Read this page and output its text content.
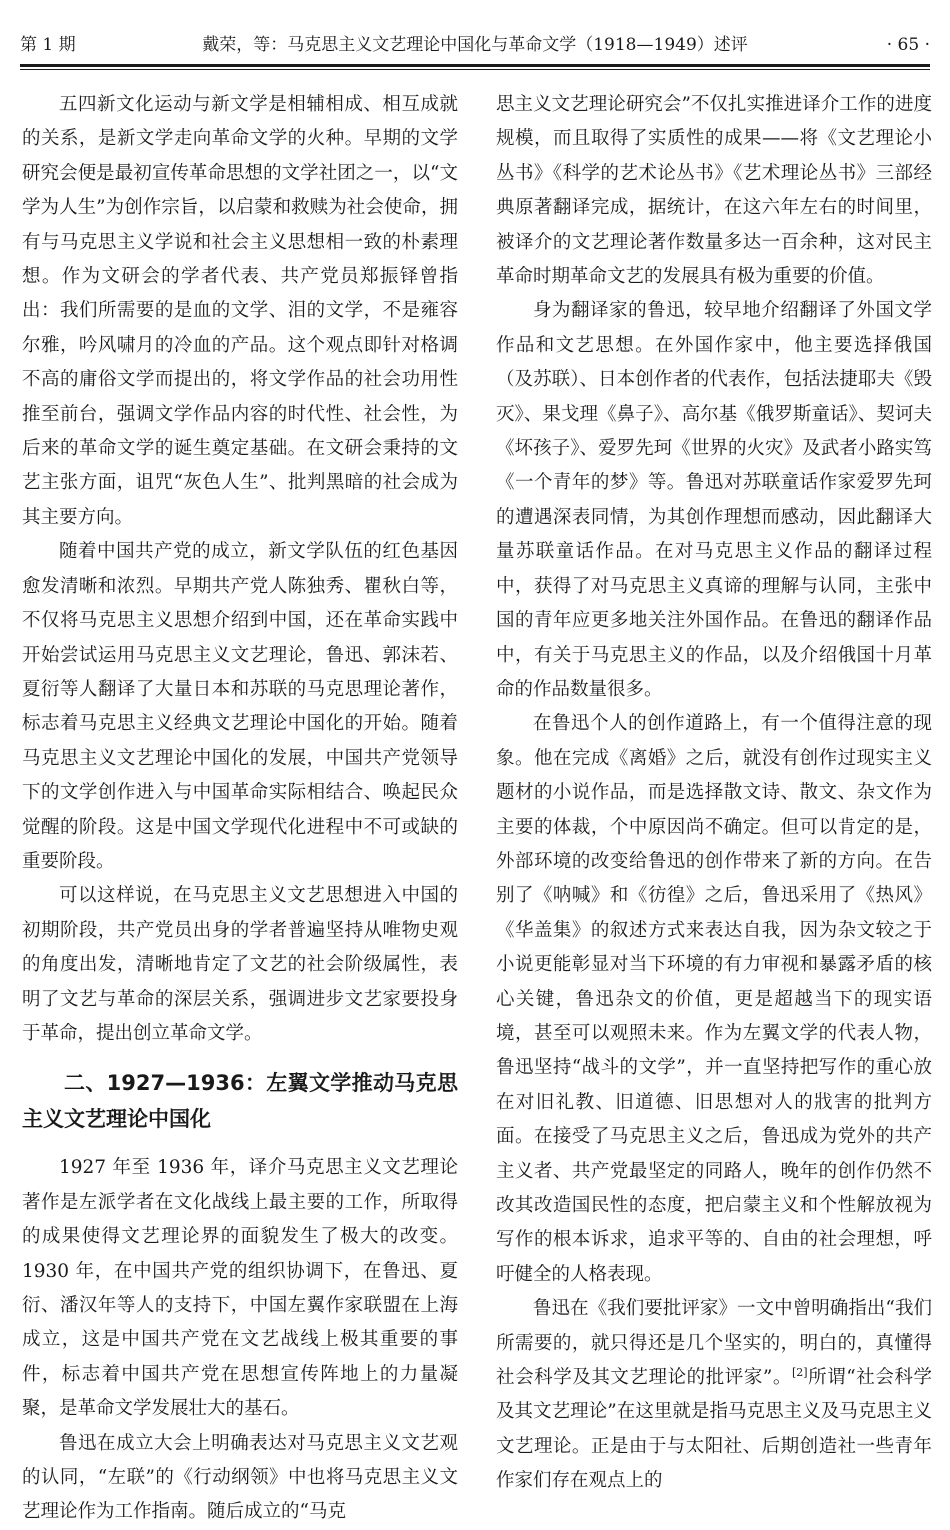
第 1 期	戴荣，等：马克思主义文艺理论中国化与革命文学（1918—1949）述评	· 65 ·

五四新文化运动与新文学是相辅相成、相互成就的关系，是新文学走向革命文学的火种。早期的文学研究会便是最初宣传革命思想的文学社团之一，以“文学为人生”为创作宗旨，以启蒙和救赎为社会使命，拥有与马克思主义学说和社会主义思想相一致的朴素理想。作为文研会的学者代表、共产党员郑振铎曾指出：我们所需要的是血的文学、泪的文学，不是雍容尔雅，吟风啸月的冷血的产品。这个观点即针对格调不高的庸俗文学而提出的，将文学作品的社会功用性推至前台，强调文学作品内容的时代性、社会性，为后来的革命文学的诞生奠定基础。在文研会秉持的文艺主张方面，诅咒“灰色人生”、批判黑暗的社会成为其主要方向。

随着中国共产党的成立，新文学队伍的红色基因愈发清晰和浓烈。早期共产党人陈独秀、瞿秋白等，不仅将马克思主义思想介绍到中国，还在革命实践中开始尝试运用马克思主义文艺理论，鲁迅、郭沫若、夏衍等人翻译了大量日本和苏联的马克思理论著作，标志着马克思主义经典文艺理论中国化的开始。随着马克思主义文艺理论中国化的发展，中国共产党领导下的文学创作进入与中国革命实际相结合、唤起民众觉醒的阶段。这是中国文学现代化进程中不可或缺的重要阶段。

可以这样说，在马克思主义文艺思想进入中国的初期阶段，共产党员出身的学者普遍坚持从唯物史观的角度出发，清晰地肯定了文艺的社会阶级属性，表明了文艺与革命的深层关系，强调进步文艺家要投身于革命，提出创立革命文学。

二、1927—1936：左翼文学推动马克思主义文艺理论中国化

1927 年至 1936 年，译介马克思主义文艺理论著作是左派学者在文化战线上最主要的工作，所取得的成果使得文艺理论界的面貌发生了极大的改变。1930 年，在中国共产党的组织协调下，在鲁迅、夏衍、潘汉年等人的支持下，中国左翼作家联盟在上海成立，这是中国共产党在文艺战线上极其重要的事件，标志着中国共产党在思想宣传阵地上的力量凝聚，是革命文学发展壮大的基石。

鲁迅在成立大会上明确表达对马克思主义文艺观的认同，“左联”的《行动纲领》中也将马克思主义文艺理论作为工作指南。随后成立的“马克

思主义文艺理论研究会”不仅扎实推进译介工作的进度规模，而且取得了实质性的成果——将《文艺理论小丛书》《科学的艺术论丛书》《艺术理论丛书》三部经典原著翻译完成，据统计，在这六年左右的时间里，被译介的文艺理论著作数量多达一百余种，这对民主革命时期革命文艺的发展具有极为重要的价值。

身为翻译家的鲁迅，较早地介绍翻译了外国文学作品和文艺思想。在外国作家中，他主要选择俄国（及苏联）、日本创作者的代表作，包括法捷耶夫《毁灭》、果戈理《鼻子》、高尔基《俄罗斯童话》、契诃夫《坏孩子》、爱罗先珂《世界的火灾》及武者小路实笃《一个青年的梦》等。鲁迅对苏联童话作家爱罗先珂的遭遇深表同情，为其创作理想而感动，因此翻译大量苏联童话作品。在对马克思主义作品的翻译过程中，获得了对马克思主义真谛的理解与认同，主张中国的青年应更多地关注外国作品。在鲁迅的翻译作品中，有关于马克思主义的作品，以及介绍俄国十月革命的作品数量很多。

在鲁迅个人的创作道路上，有一个值得注意的现象。他在完成《离婚》之后，就没有创作过现实主义题材的小说作品，而是选择散文诗、散文、杂文作为主要的体裁，个中原因尚不确定。但可以肯定的是，外部环境的改变给鲁迅的创作带来了新的方向。在告别了《呐喊》和《彷徨》之后，鲁迅采用了《热风》《华盖集》的叙述方式来表达自我，因为杂文较之于小说更能彰显对当下环境的有力审视和暴露矛盾的核心关键，鲁迅杂文的价值，更是超越当下的现实语境，甚至可以观照未来。作为左翼文学的代表人物，鲁迅坚持“战斗的文学”，并一直坚持把写作的重心放在对旧礼教、旧道德、旧思想对人的戕害的批判方面。在接受了马克思主义之后，鲁迅成为党外的共产主义者、共产党最坚定的同路人，晚年的创作仍然不改其改造国民性的态度，把启蒙主义和个性解放视为写作的根本诉求，追求平等的、自由的社会理想，呼吁健全的人格表现。

鲁迅在《我们要批评家》一文中曾明确指出“我们所需要的，就只得还是几个坚实的，明白的，真懂得社会科学及其文艺理论的批评家”。[2]所谓“社会科学及其文艺理论”在这里就是指马克思主义及马克思主义文艺理论。正是由于与太阳社、后期创造社一些青年作家们存在观点上的
